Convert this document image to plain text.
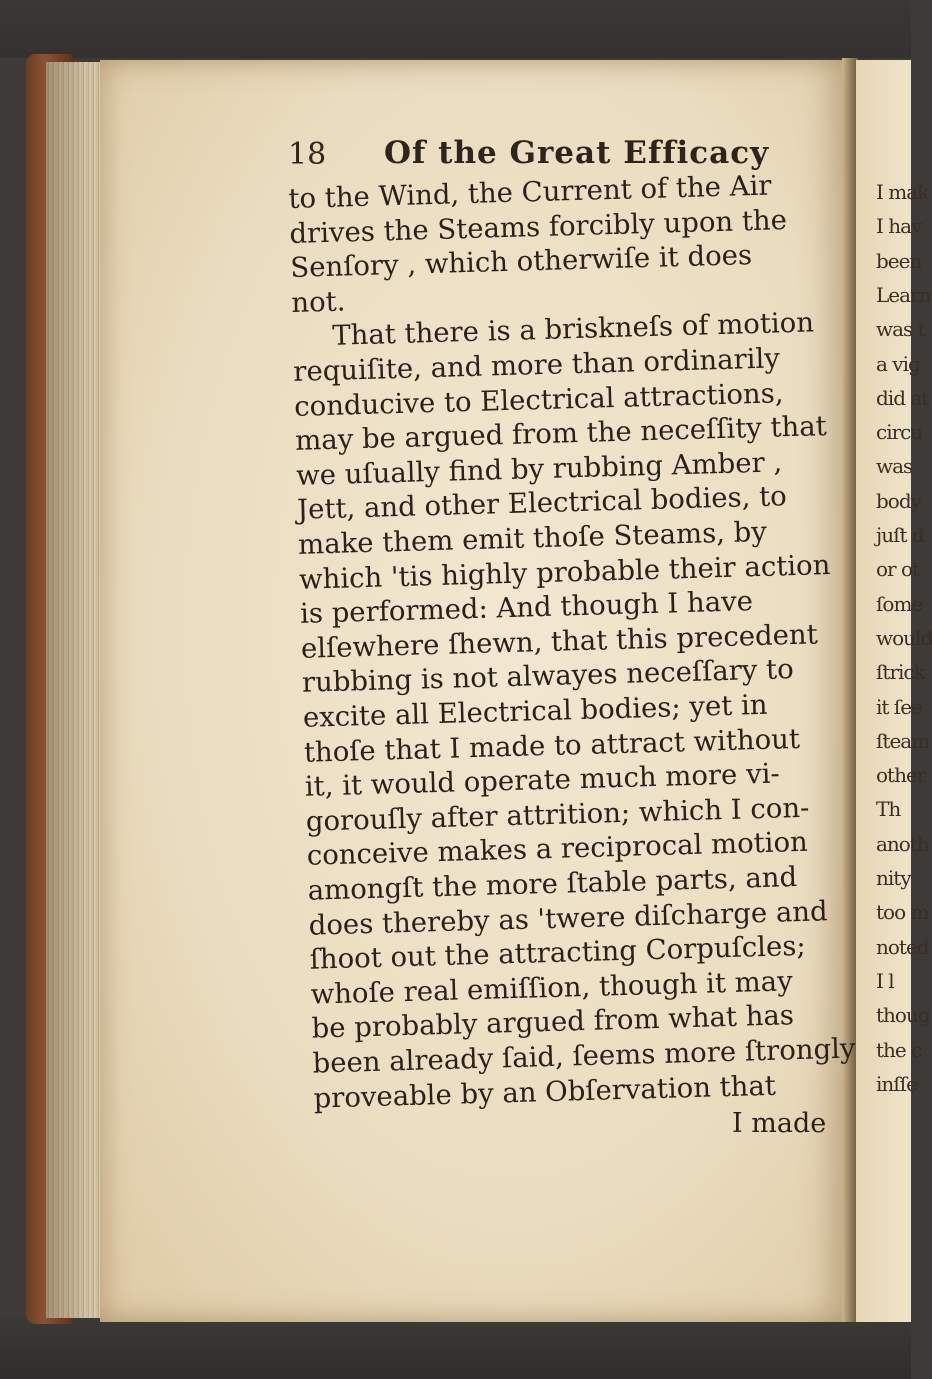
I mak
I hav
been
Learn
was t
a vig
did at
circu
was
body
juſt d
or ot
ſome
would
ſtrick
it ſee
ſteam
other
Th
anoth
nity
too m
noted
I l
thoug
the c
inſſe
18 Of the Great Efficacy
to the Wind, the Current of the Air
drives the Steams forcibly upon the
Senſory , which otherwiſe it does
not.
That there is a briskneſs of motion
requiſite, and more than ordinarily
conducive to Electrical attractions,
may be argued from the neceſſity that
we uſually find by rubbing Amber ,
Jett, and other Electrical bodies, to
make them emit thoſe Steams, by
which 'tis highly probable their action
is performed: And though I have
elſewhere ſhewn, that this precedent
rubbing is not alwayes neceſſary to
excite all Electrical bodies; yet in
thoſe that I made to attract without
it, it would operate much more vi-
gorouſly after attrition; which I con-
conceive makes a reciprocal motion
amongſt the more ſtable parts, and
does thereby as 'twere diſcharge and
ſhoot out the attracting Corpuſcles;
whoſe real emiſſion, though it may
be probably argued from what has
been already ſaid, ſeems more ſtrongly
proveable by an Obſervation that
I made
